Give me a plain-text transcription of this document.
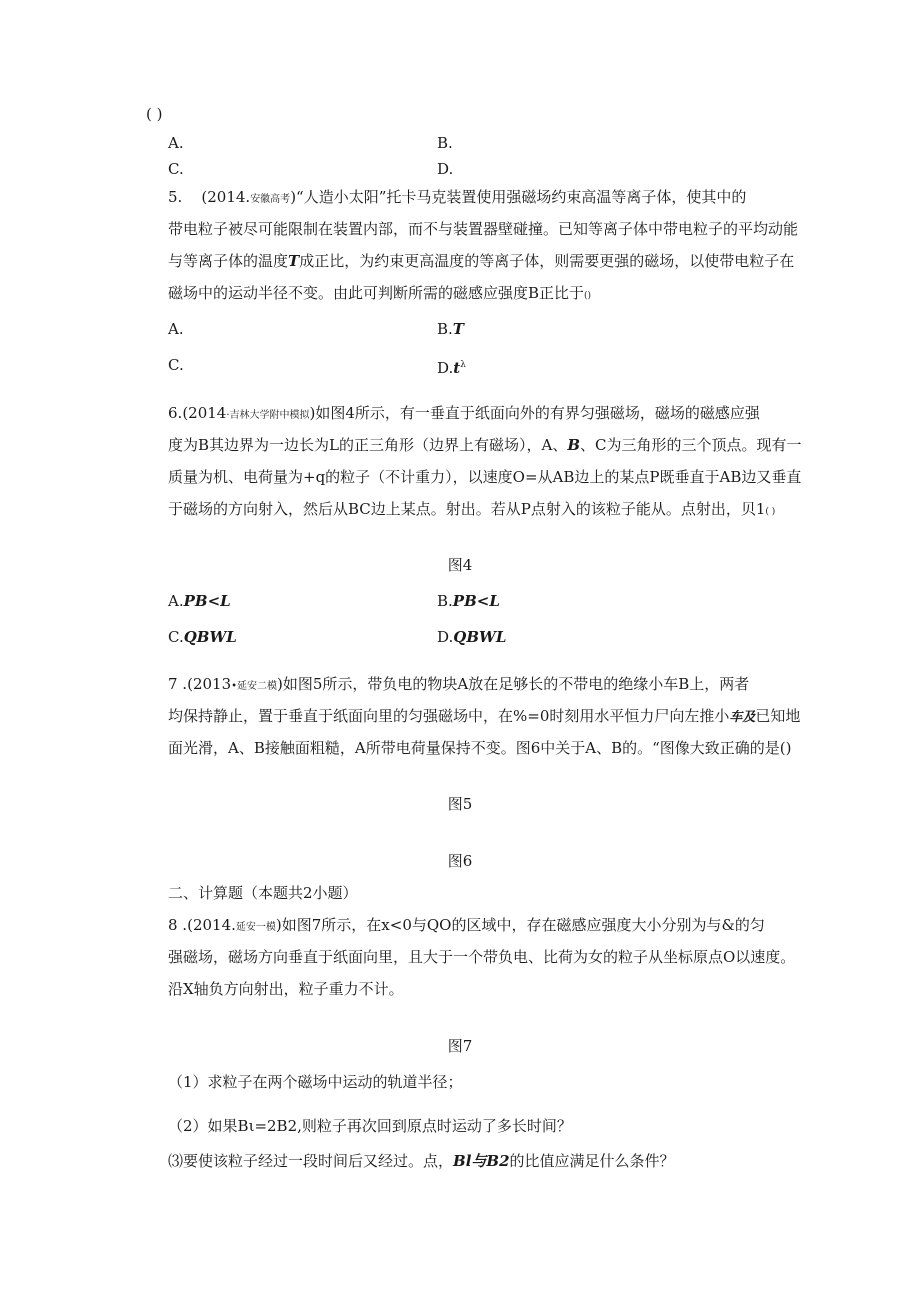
( )
A.	B.
C.	D.
5. (2014.安徽高考)“人造小太阳”托卡马克装置使用强磁场约束高温等离子体，使其中的
带电粒子被尽可能限制在装置内部，而不与装置器壁碰撞。已知等离子体中带电粒子的平均动能
与等离子体的温度T成正比，为约束更高温度的等离子体，则需要更强的磁场，以使带电粒子在
磁场中的运动半径不变。由此可判断所需的磁感应强度B正比于()
A.	B.T
C.	$D.t^\lambda$
6.(2014·吉林大学附中模拟)如图4所示，有一垂直于纸面向外的有界匀强磁场，磁场的磁感应强
度为B其边界为一边长为L的正三角形（边界上有磁场），A、B、C为三角形的三个顶点。现有一
质量为机、电荷量为+q的粒子（不计重力），以速度O=从AB边上的某点P既垂直于AB边又垂直
于磁场的方向射入，然后从BC边上某点。射出。若从P点射入的该粒子能从。点射出，贝1( )
图4
A.PB<L	B.PB<L
C.QBWL	D.QBWL
7 .(2013•延安二模)如图5所示，带负电的物块A放在足够长的不带电的绝缘小车B上，两者
均保持静止，置于垂直于纸面向里的匀强磁场中，在%=0时刻用水平恒力尸向左推小车及已知地
面光滑，A、B接触面粗糙，A所带电荷量保持不变。图6中关于A、B的。“图像大致正确的是()
图5
图6
二、计算题（本题共2小题）
8 .(2014.延安一模)如图7所示，在x<0与QO的区域中，存在磁感应强度大小分别为与&的匀
强磁场，磁场方向垂直于纸面向里，且大于一个带负电、比荷为女的粒子从坐标原点O以速度。
沿X轴负方向射出，粒子重力不计。
图7
（1）求粒子在两个磁场中运动的轨道半径；
（2）如果Bι=2B2,则粒子再次回到原点时运动了多长时间？
⑶要使该粒子经过一段时间后又经过。点，Bl与B2的比值应满足什么条件？
